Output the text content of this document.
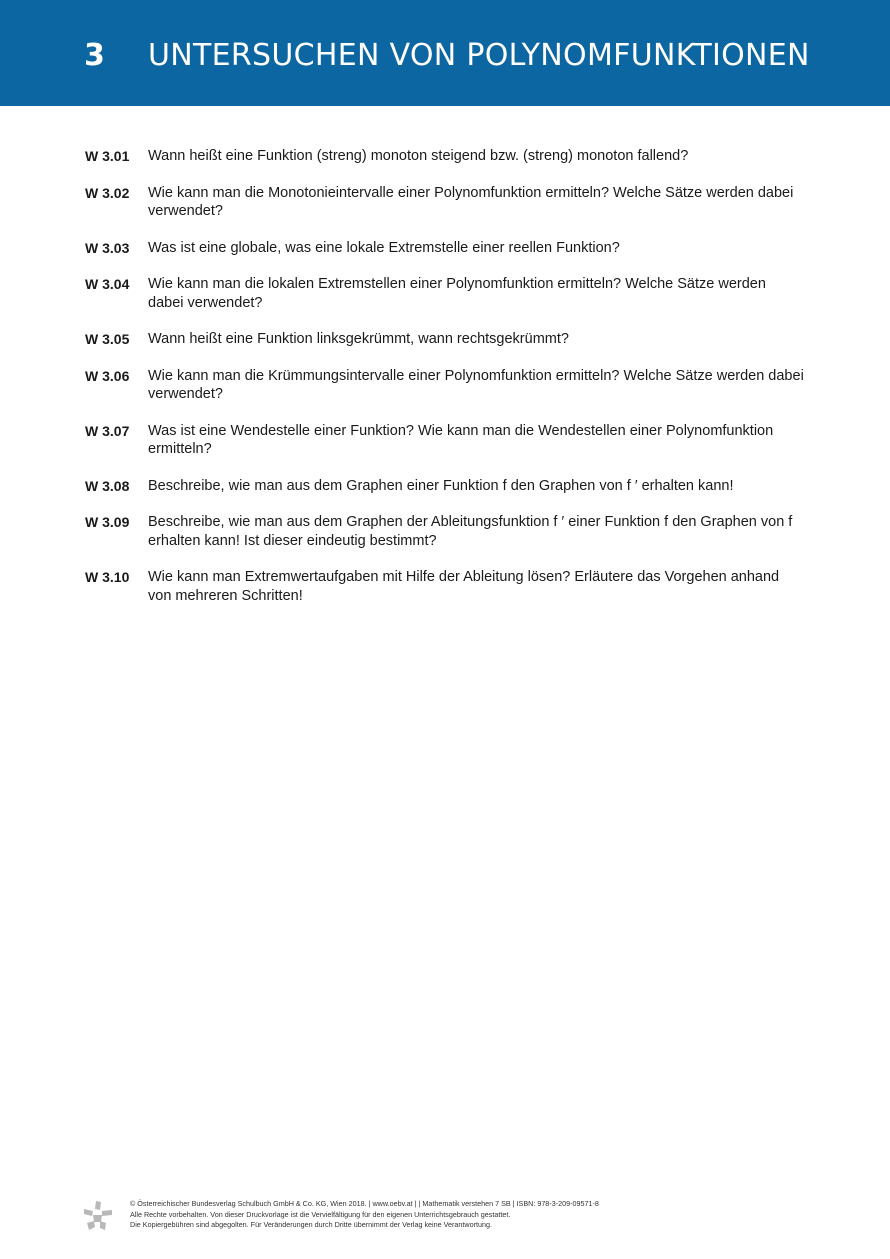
3 UNTERSUCHEN VON POLYNOMFUNKTIONEN
W 3.01	Wann heißt eine Funktion (streng) monoton steigend bzw. (streng) monoton fallend?
W 3.02	Wie kann man die Monotonieintervalle einer Polynomfunktion ermitteln? Welche Sätze werden dabei verwendet?
W 3.03	Was ist eine globale, was eine lokale Extremstelle einer reellen Funktion?
W 3.04	Wie kann man die lokalen Extremstellen einer Polynomfunktion ermitteln? Welche Sätze werden dabei verwendet?
W 3.05	Wann heißt eine Funktion linksgekrümmt, wann rechtsgekrümmt?
W 3.06	Wie kann man die Krümmungsintervalle einer Polynomfunktion ermitteln? Welche Sätze werden dabei verwendet?
W 3.07	Was ist eine Wendestelle einer Funktion? Wie kann man die Wendestellen einer Polynomfunktion ermitteln?
W 3.08	Beschreibe, wie man aus dem Graphen einer Funktion f den Graphen von f ′ erhalten kann!
W 3.09	Beschreibe, wie man aus dem Graphen der Ableitungsfunktion f ′ einer Funktion f den Graphen von f erhalten kann! Ist dieser eindeutig bestimmt?
W 3.10	Wie kann man Extremwertaufgaben mit Hilfe der Ableitung lösen? Erläutere das Vorgehen anhand von mehreren Schritten!
© Österreichischer Bundesverlag Schulbuch GmbH & Co. KG, Wien 2018. | www.oebv.at | | Mathematik verstehen 7 SB | ISBN: 978-3-209-09571-8
Alle Rechte vorbehalten. Von dieser Druckvorlage ist die Vervielfältigung für den eigenen Unterrichtsgebrauch gestattet.
Die Kopiergebühren sind abgegolten. Für Veränderungen durch Dritte übernimmt der Verlag keine Verantwortung.
